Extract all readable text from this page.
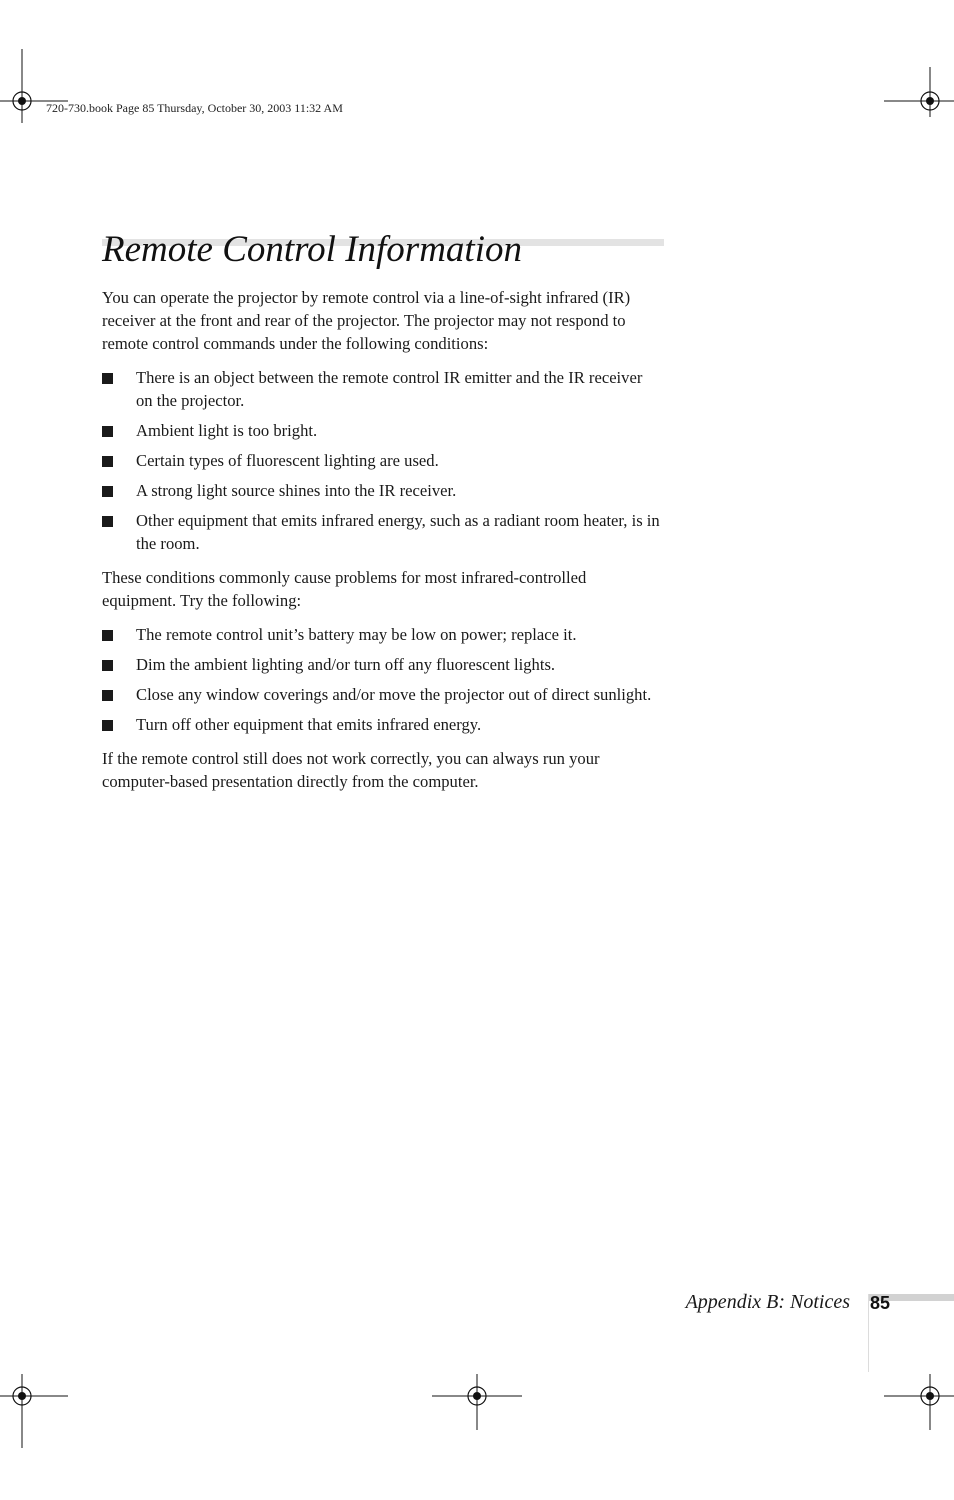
720-730.book Page 85 Thursday, October 30, 2003 11:32 AM
Remote Control Information

You can operate the projector by remote control via a line-of-sight infrared (IR) receiver at the front and rear of the projector. The projector may not respond to remote control commands under the following conditions:

There is an object between the remote control IR emitter and the IR receiver on the projector.
Ambient light is too bright.
Certain types of fluorescent lighting are used.
A strong light source shines into the IR receiver.
Other equipment that emits infrared energy, such as a radiant room heater, is in the room.

These conditions commonly cause problems for most infrared-controlled equipment. Try the following:

The remote control unit’s battery may be low on power; replace it.
Dim the ambient lighting and/or turn off any fluorescent lights.
Close any window coverings and/or move the projector out of direct sunlight.
Turn off other equipment that emits infrared energy.

If the remote control still does not work correctly, you can always run your computer-based presentation directly from the computer.

Appendix B: Notices 85
